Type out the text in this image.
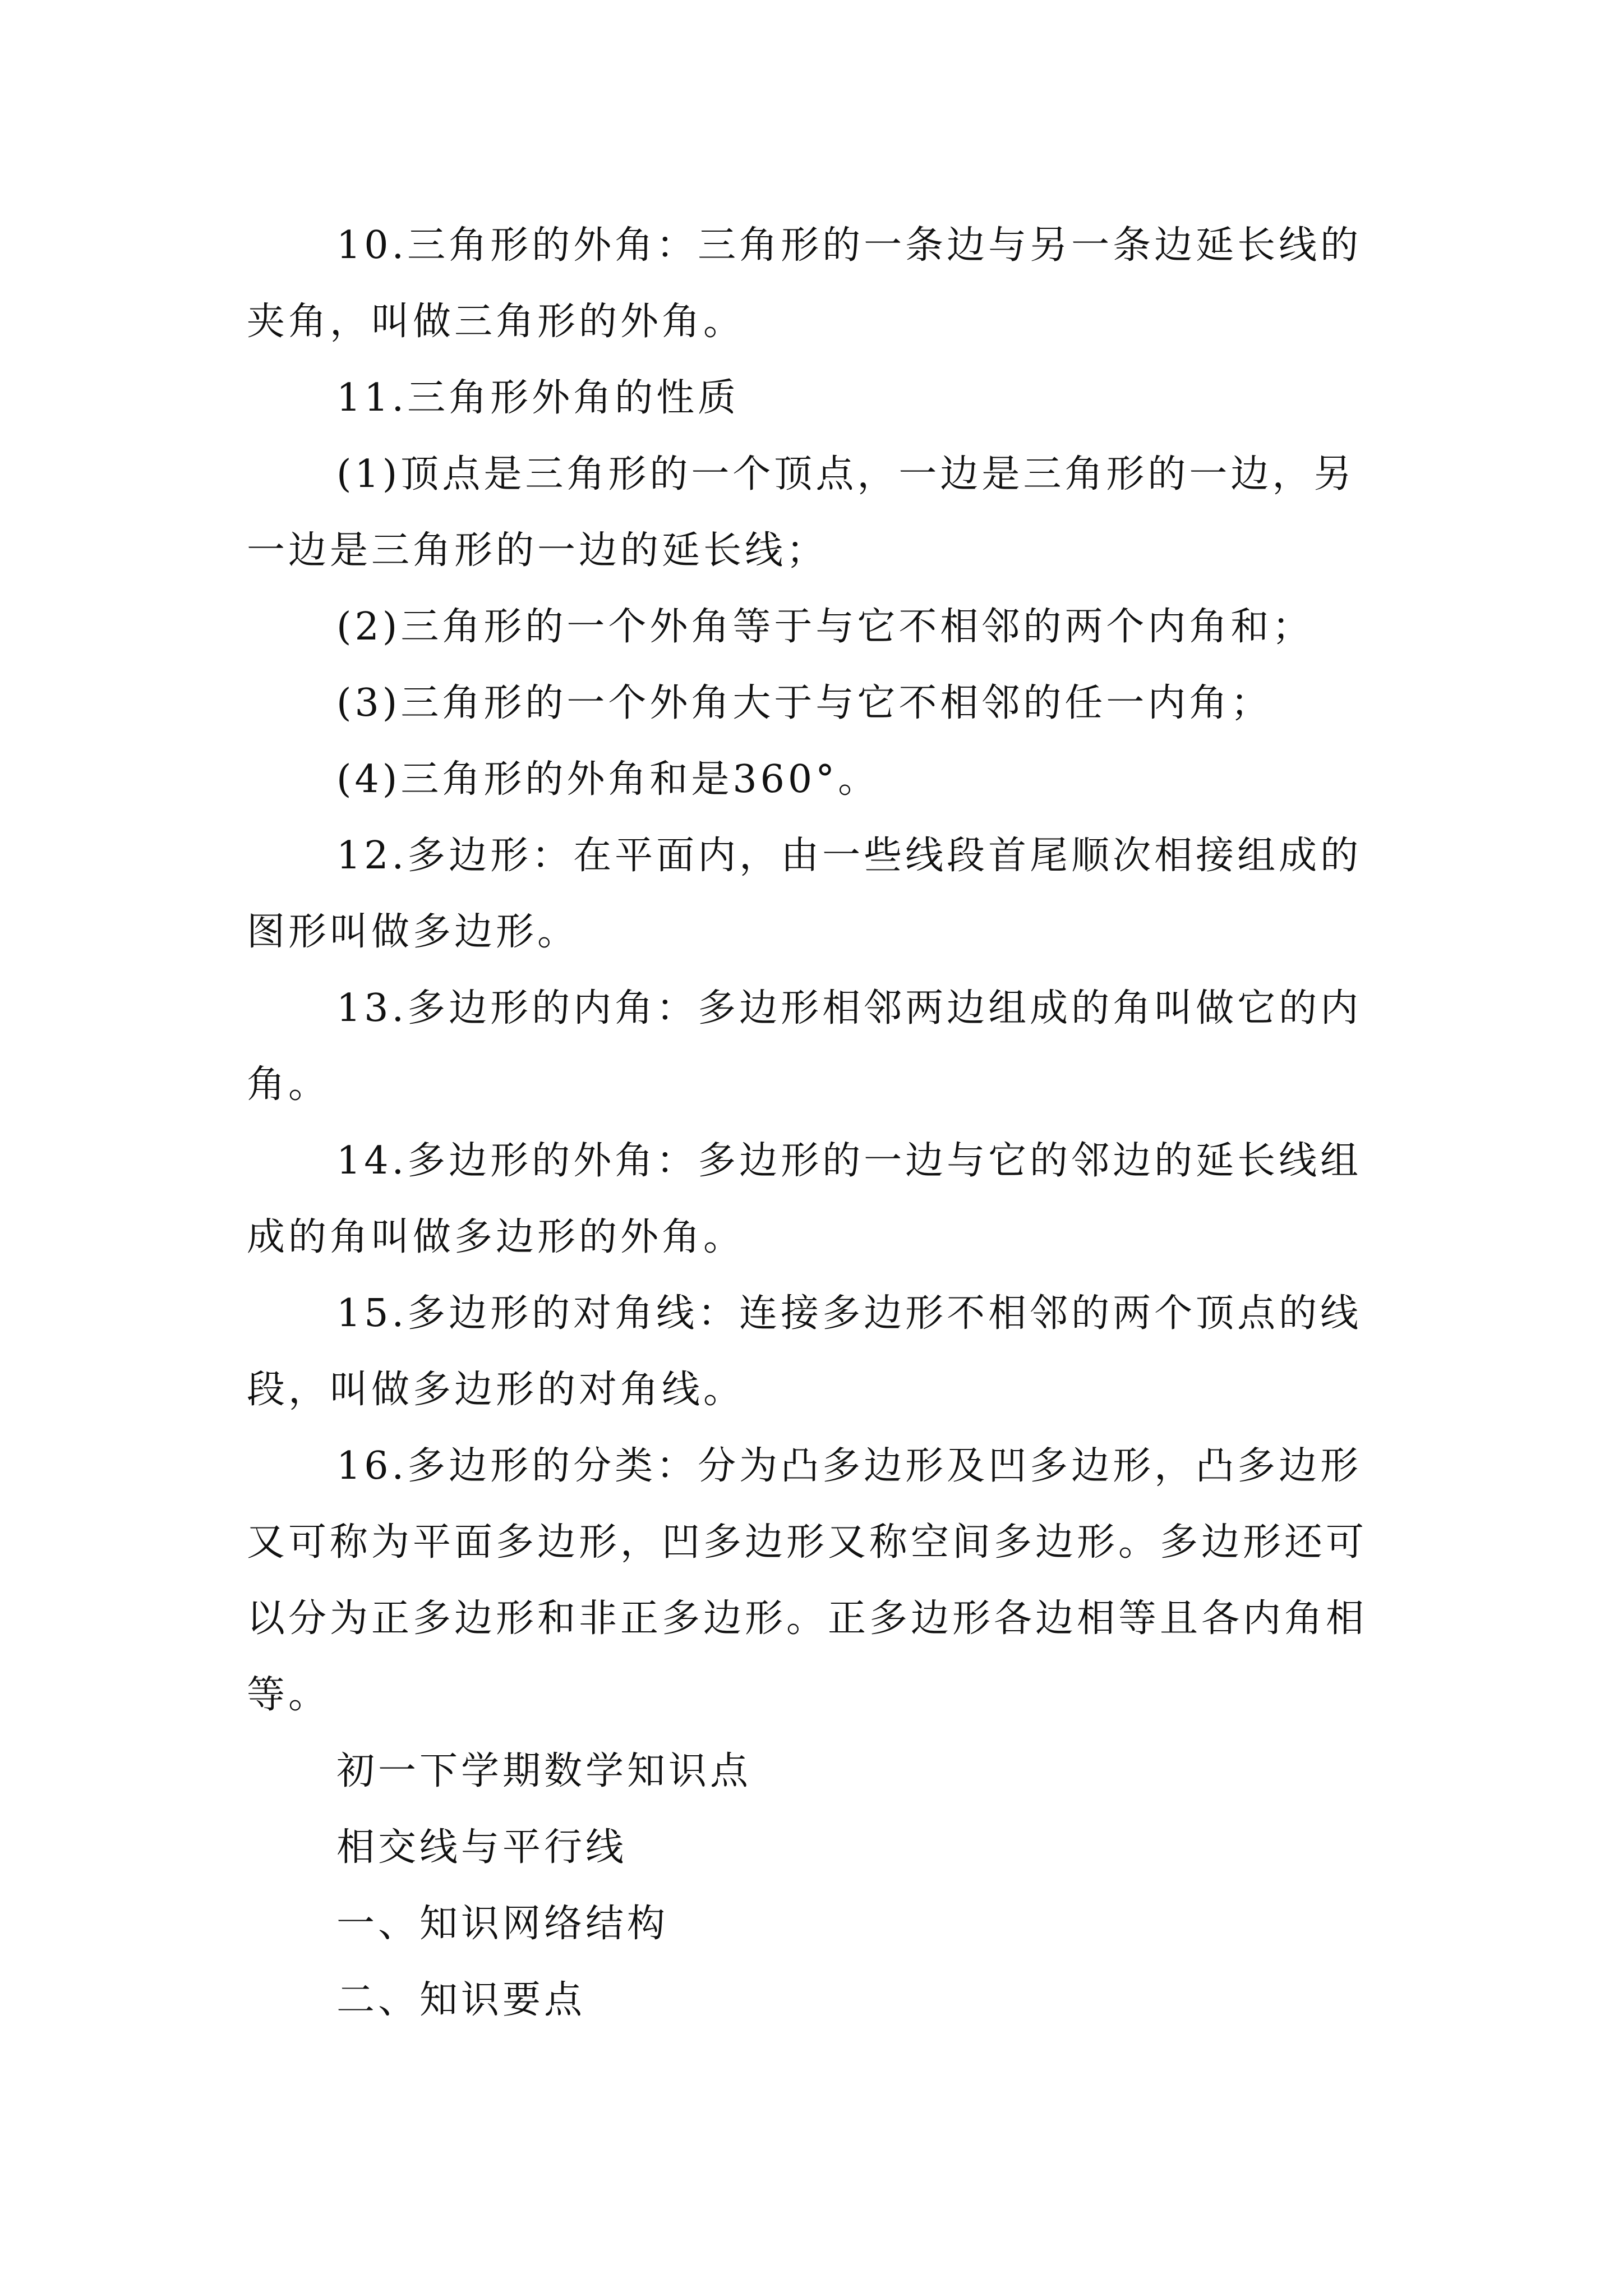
10.三角形的外角：三角形的一条边与另一条边延长线的夹角，叫做三角形的外角。

11.三角形外角的性质

(1)顶点是三角形的一个顶点，一边是三角形的一边，另一边是三角形的一边的延长线；

(2)三角形的一个外角等于与它不相邻的两个内角和；

(3)三角形的一个外角大于与它不相邻的任一内角；

(4)三角形的外角和是360°。

12.多边形：在平面内，由一些线段首尾顺次相接组成的图形叫做多边形。

13.多边形的内角：多边形相邻两边组成的角叫做它的内角。

14.多边形的外角：多边形的一边与它的邻边的延长线组成的角叫做多边形的外角。

15.多边形的对角线：连接多边形不相邻的两个顶点的线段，叫做多边形的对角线。

16.多边形的分类：分为凸多边形及凹多边形，凸多边形又可称为平面多边形，凹多边形又称空间多边形。多边形还可以分为正多边形和非正多边形。正多边形各边相等且各内角相等。

初一下学期数学知识点

相交线与平行线

一、知识网络结构

二、知识要点
